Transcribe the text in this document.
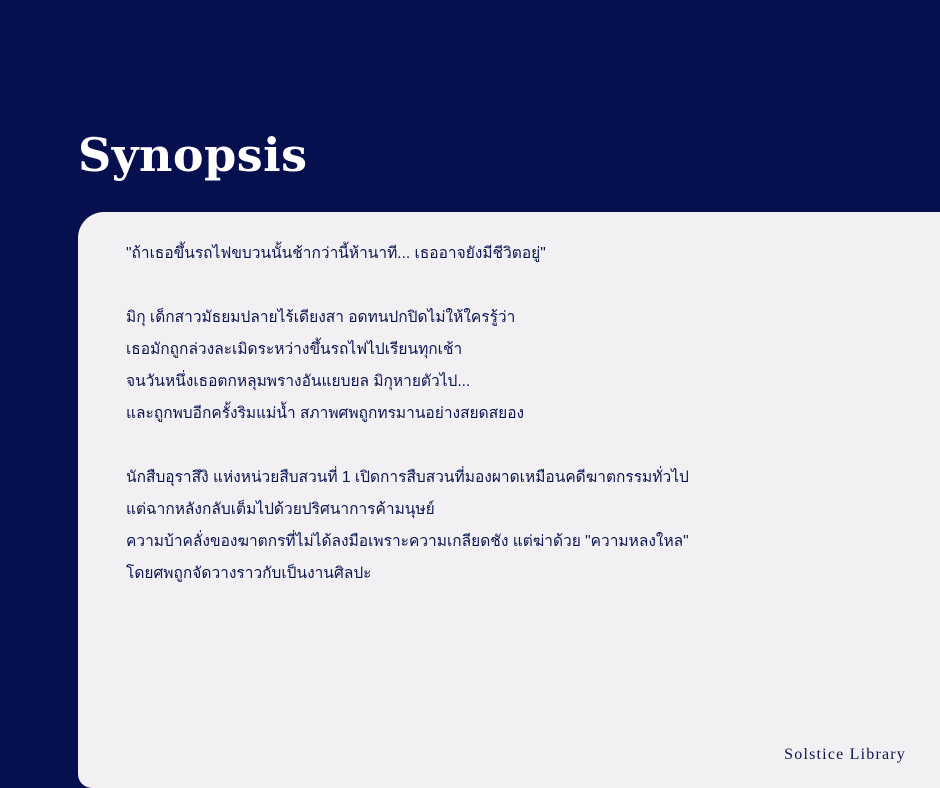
Synopsis

"ถ้าเธอขึ้นรถไฟขบวนนั้นช้ากว่านี้ห้านาที... เธออาจยังมีชีวิตอยู่"

มิกุ เด็กสาวมัธยมปลายไร้เดียงสา อดทนปกปิดไม่ให้ใครรู้ว่า
เธอมักถูกล่วงละเมิดระหว่างขึ้นรถไฟไปเรียนทุกเช้า
จนวันหนึ่งเธอตกหลุมพรางอันแยบยล มิกุหายตัวไป...
และถูกพบอีกครั้งริมแม่น้ำ สภาพศพถูกทรมานอย่างสยดสยอง

นักสืบอุราสึงิ แห่งหน่วยสืบสวนที่ 1 เปิดการสืบสวนที่มองผาดเหมือนคดีฆาตกรรมทั่วไป
แต่ฉากหลังกลับเต็มไปด้วยปริศนาการค้ามนุษย์
ความบ้าคลั่งของฆาตกรที่ไม่ได้ลงมือเพราะความเกลียดชัง แต่ฆ่าด้วย "ความหลงใหล"
โดยศพถูกจัดวางราวกับเป็นงานศิลปะ

Solstice Library
